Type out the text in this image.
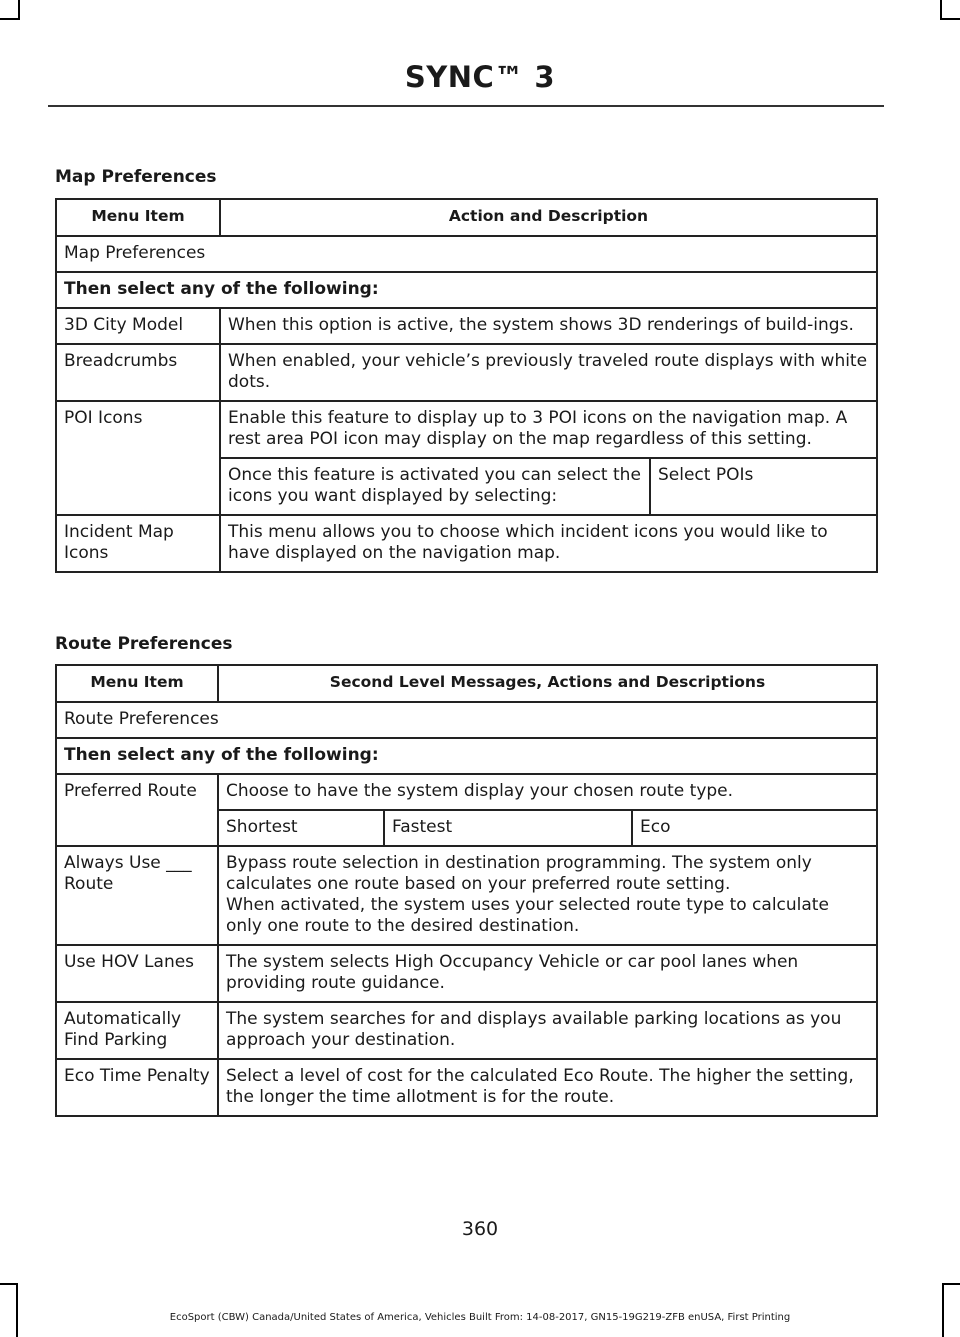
SYNC™ 3
Map Preferences
Menu Item	Action and Description	
Map Preferences		
Then select any of the following:		
3D City Model	When this option is active, the system shows 3D renderings of build-ings.	
Breadcrumbs	When enabled, your vehicle’s previously traveled route displays with white dots.	
POI Icons	Enable this feature to display up to 3 POI icons on the navigation map. A rest area POI icon may display on the map regardless of this setting.	
	Once this feature is activated you can select the icons you want displayed by selecting:	Select POIs
Incident Map Icons	This menu allows you to choose which incident icons you would like to have displayed on the navigation map.	
Route Preferences
Menu Item	Second Level Messages, Actions and Descriptions		
Route Preferences			
Then select any of the following:			
Preferred Route	Choose to have the system display your chosen route type.		
	Shortest	Fastest	Eco
Always Use ___ Route	Bypass route selection in destination programming. The system only calculates one route based on your preferred route setting.
When activated, the system uses your selected route type to calculate only one route to the desired destination.		

Use HOV Lanes	The system selects High Occupancy Vehicle or car pool lanes when providing route guidance.		
Automatically Find Parking	The system searches for and displays available parking locations as you approach your destination.		
Eco Time Penalty	Select a level of cost for the calculated Eco Route. The higher the setting, the longer the time allotment is for the route.		
360
EcoSport (CBW) Canada/United States of America, Vehicles Built From: 14-08-2017, GN15-19G219-ZFB enUSA, First Printing
